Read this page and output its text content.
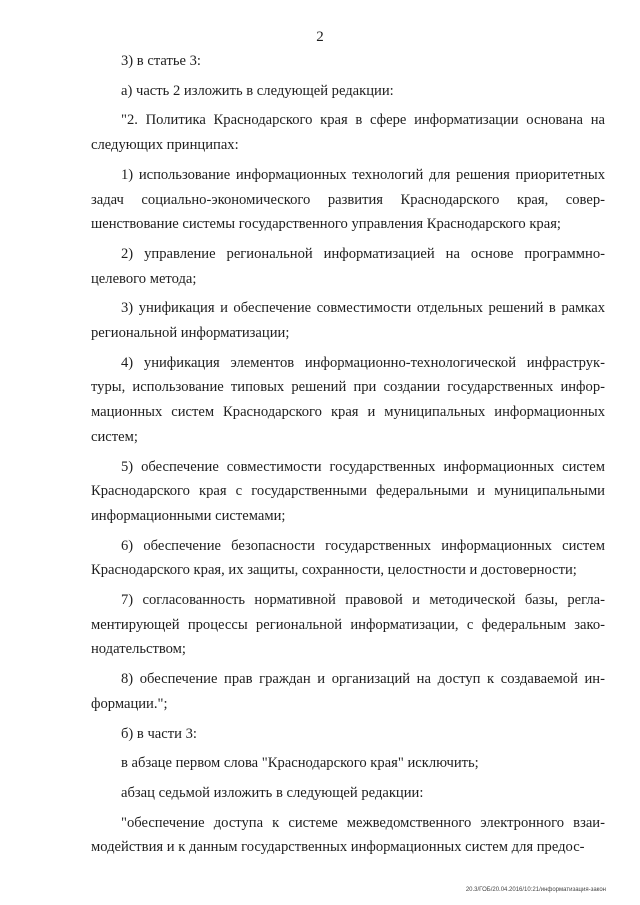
2

3) в статье 3:

а) часть 2 изложить в следующей редакции:

"2. Политика Краснодарского края в сфере информатизации основана на следующих принципах:

1) использование информационных технологий для решения приоритетных задач социально-экономического развития Краснодарского края, совершенствование системы государственного управления Краснодарского края;

2) управление региональной информатизацией на основе программно-целевого метода;

3) унификация и обеспечение совместимости отдельных решений в рамках региональной информатизации;

4) унификация элементов информационно-технологической инфраструктуры, использование типовых решений при создании государственных информационных систем Краснодарского края и муниципальных информационных систем;

5) обеспечение совместимости государственных информационных систем Краснодарского края с государственными федеральными и муниципальными информационными системами;

6) обеспечение безопасности государственных информационных систем Краснодарского края, их защиты, сохранности, целостности и достоверности;

7) согласованность нормативной правовой и методической базы, регламентирующей процессы региональной информатизации, с федеральным законодательством;

8) обеспечение прав граждан и организаций на доступ к создаваемой информации.";

б) в части 3:

в абзаце первом слова "Краснодарского края" исключить;

абзац седьмой изложить в следующей редакции:

"обеспечение доступа к системе межведомственного электронного взаимодействия и к данным государственных информационных систем для предос-

20.3/ГОБ/20.04.2016/10:21/информатизация-закон
